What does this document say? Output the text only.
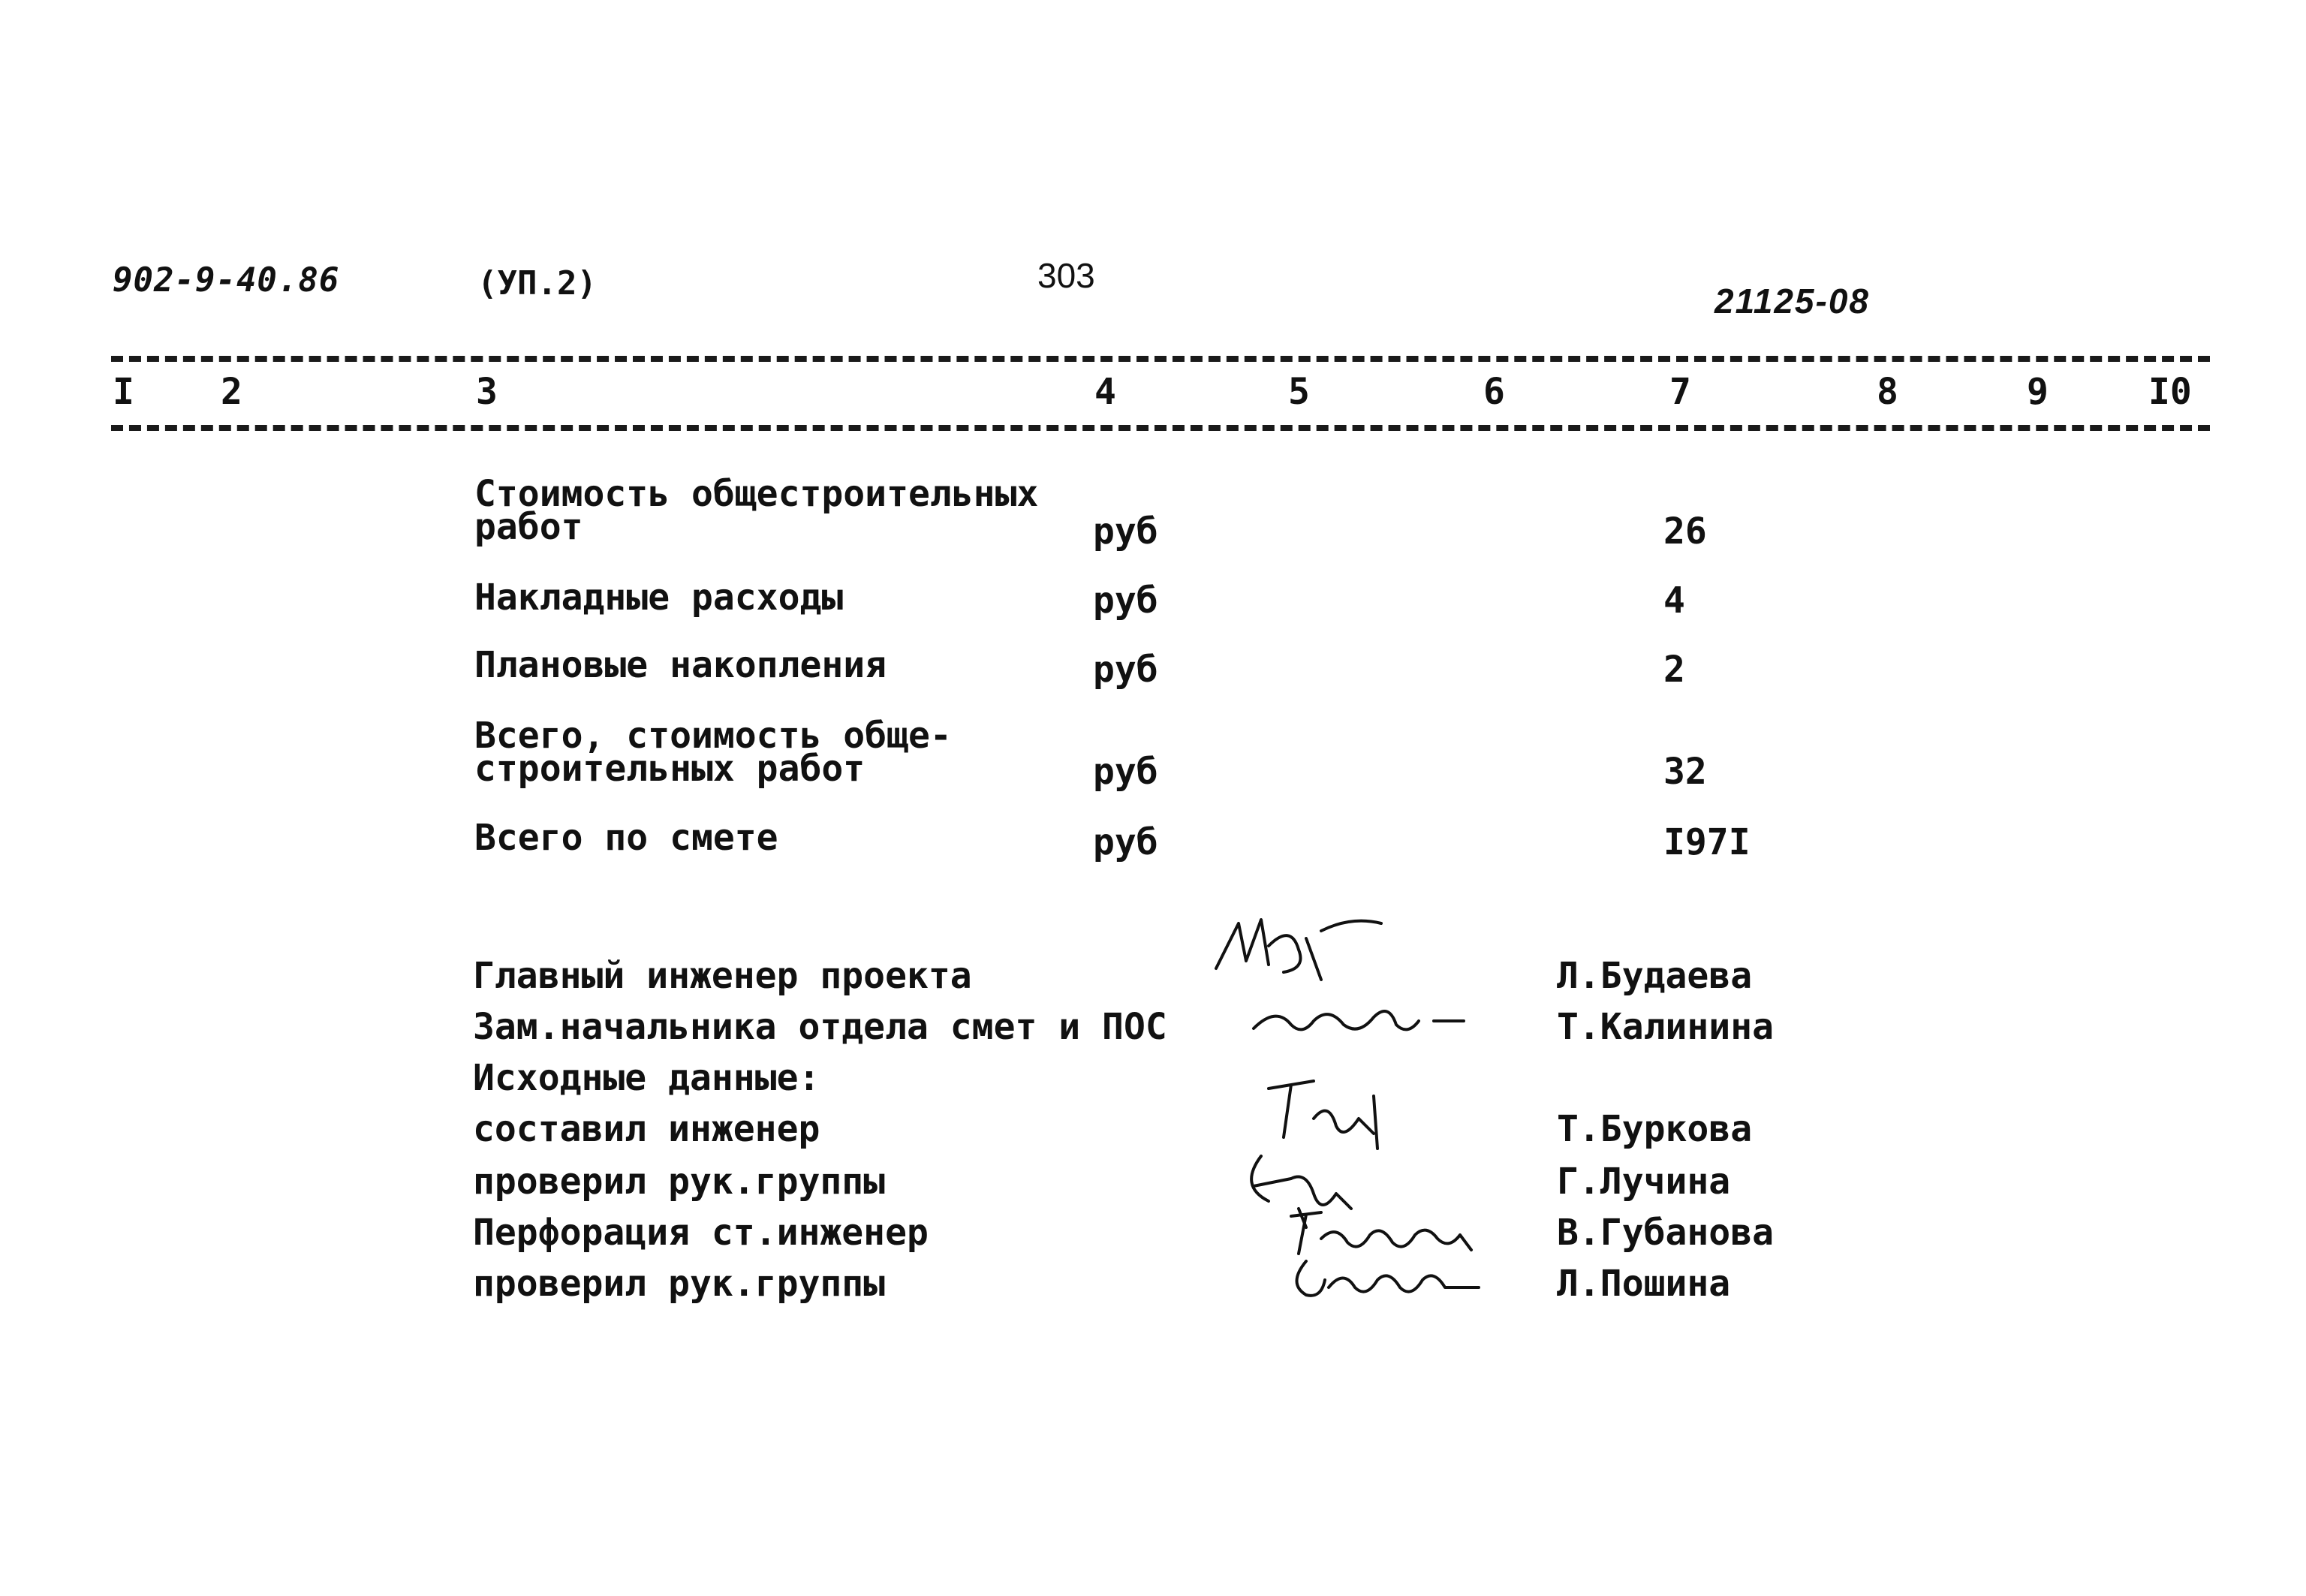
902-9-40.86	(УП.2)	303
21125-08
I 2	3	4	5	6	7	8	9	I0
Стоимость общестроительных
работ	руб	26
Накладные расходы	руб	4
Плановые накопления	руб	2
Всего, стоимость обще-
строительных работ	руб	32
Всего по смете	руб	I97I
Главный инженер проекта	Л.Будаева
Зам.начальника отдела смет и ПОС	Т.Калинина
Исходные данные:
составил инженер	Т.Буркова
проверил рук.группы	Г.Лучина
Перфорация ст.инженер	В.Губанова
проверил рук.группы	Л.Пошина
